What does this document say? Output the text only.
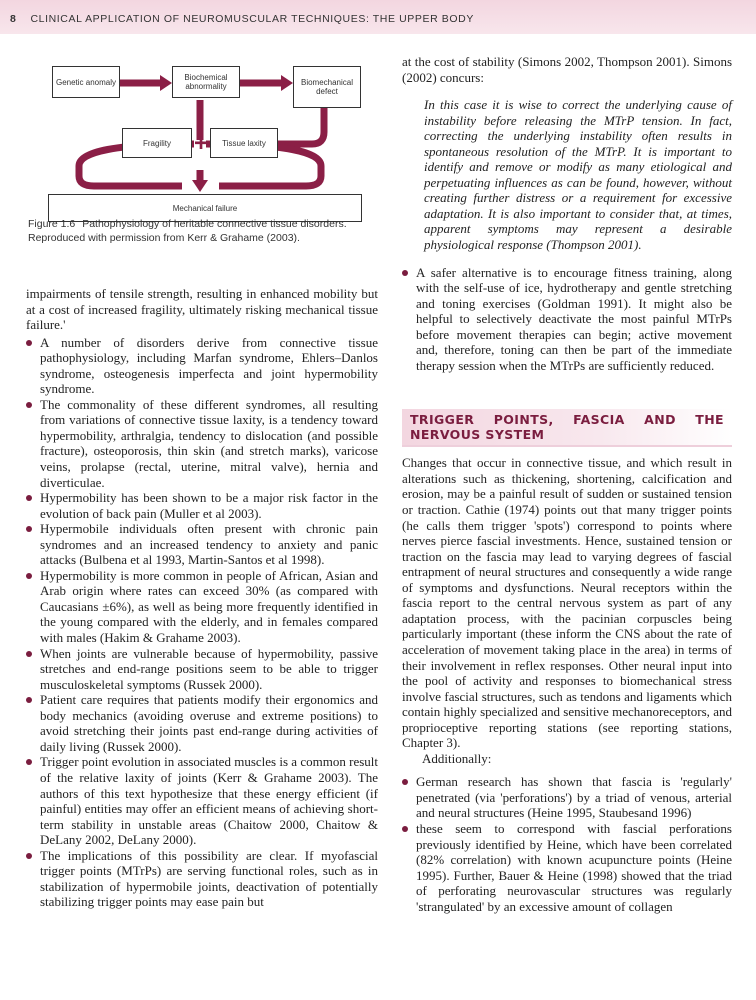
8 CLINICAL APPLICATION OF NEUROMUSCULAR TECHNIQUES: THE UPPER BODY
Genetic anomaly	Biochemical abnormality	Biomechanical defect
Fragility +	Tissue laxity
Mechanical failure
Figure 1.6 Pathophysiology of heritable connective tissue disorders. Reproduced with permission from Kerr & Grahame (2003).

impairments of tensile strength, resulting in enhanced mobility but at a cost of increased fragility, ultimately risking mechanical tissue failure.'

A number of disorders derive from connective tissue pathophysiology, including Marfan syndrome, Ehlers–Danlos syndrome, osteogenesis imperfecta and joint hypermobility syndrome.
The commonality of these different syndromes, all resulting from variations of connective tissue laxity, is a tendency toward hypermobility, arthralgia, tendency to dislocation (and possible fracture), osteoporosis, thin skin (and stretch marks), varicose veins, prolapse (rectal, uterine, mitral valve), hernia and diverticulae.
Hypermobility has been shown to be a major risk factor in the evolution of back pain (Muller et al 2003).
Hypermobile individuals often present with chronic pain syndromes and an increased tendency to anxiety and panic attacks (Bulbena et al 1993, Martin-Santos et al 1998).
Hypermobility is more common in people of African, Asian and Arab origin where rates can exceed 30% (as compared with Caucasians ±6%), as well as being more frequently identified in the young compared with the elderly, and in females compared with males (Hakim & Grahame 2003).
When joints are vulnerable because of hypermobility, passive stretches and end-range positions seem to be able to trigger musculoskeletal symptoms (Russek 2000).
Patient care requires that patients modify their ergonomics and body mechanics (avoiding overuse and extreme positions) to avoid stretching their joints past end-range during activities of daily living (Russek 2000).
Trigger point evolution in associated muscles is a common result of the relative laxity of joints (Kerr & Grahame 2003). The authors of this text hypothesize that these energy efficient (if painful) entities may offer an efficient means of achieving short-term stability in unstable areas (Chaitow 2000, Chaitow & DeLany 2002, DeLany 2000).
The implications of this possibility are clear. If myofascial trigger points (MTrPs) are serving functional roles, such as in stabilization of hypermobile joints, deactivation of potentially stabilizing trigger points may ease pain but

at the cost of stability (Simons 2002, Thompson 2001). Simons (2002) concurs:

In this case it is wise to correct the underlying cause of instability before releasing the MTrP tension. In fact, correcting the underlying instability often results in spontaneous resolution of the MTrP. It is important to identify and remove or modify as many etiological and perpetuating influences as can be found, however, without creating further distress or a requirement for excessive adaptation. It is also important to consider that, at times, apparent symptoms may represent a desirable physiological response (Thompson 2001).

A safer alternative is to encourage fitness training, along with the self-use of ice, hydrotherapy and gentle stretching and toning exercises (Goldman 1991). It might also be helpful to selectively deactivate the most painful MTrPs before movement therapies can begin; active movement and, therefore, toning can then be part of the immediate therapy session when the MTrPs are sufficiently reduced.
TRIGGER POINTS, FASCIA AND THE NERVOUS SYSTEM

Changes that occur in connective tissue, and which result in alterations such as thickening, shortening, calcification and erosion, may be a painful result of sudden or sustained tension or traction. Cathie (1974) points out that many trigger points (he calls them trigger 'spots') correspond to points where nerves pierce fascial investments. Hence, sustained tension or traction on the fascia may lead to varying degrees of fascial entrapment of neural structures and consequently a wide range of symptoms and dysfunctions. Neural receptors within the fascia report to the central nervous system as part of any adaptation process, with the pacinian corpuscles being particularly important (these inform the CNS about the rate of acceleration of movement taking place in the area) in terms of their involvement in reflex responses. Other neural input into the pool of activity and responses to biomechanical stress involve fascial structures, such as tendons and ligaments which contain highly specialized and sensitive mechanoreceptors, and proprioceptive reporting stations (see reporting stations, Chapter 3).

Additionally:

German research has shown that fascia is 'regularly' penetrated (via 'perforations') by a triad of venous, arterial and neural structures (Heine 1995, Staubesand 1996)
these seem to correspond with fascial perforations previously identified by Heine, which have been correlated (82% correlation) with known acupuncture points (Heine 1995). Further, Bauer & Heine (1998) showed that the triad of perforating neurovascular structures was regularly 'strangulated' by an excessive amount of collagen
